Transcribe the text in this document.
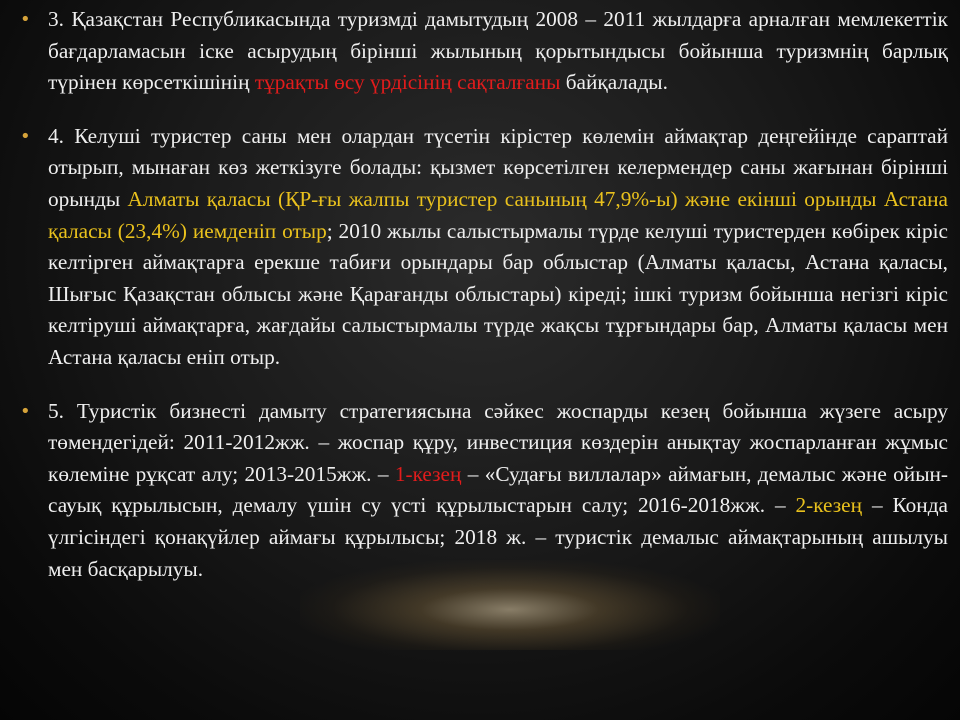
• 3. Қазақстан Республикасында туризмді дамытудың 2008 – 2011 жылдарға арналған мемлекеттік бағдарламасын іске асырудың бірінші жылының қорытындысы бойынша туризмнің барлық түрінен көрсеткішінің тұрақты өсу үрдісінің сақталғаны байқалады.
• 4. Келуші туристер саны мен олардан түсетін кірістер көлемін аймақтар деңгейінде сараптай отырып, мынаған көз жеткізуге болады: қызмет көрсетілген келермендер саны жағынан бірінші орынды Алматы қаласы (ҚР-ғы жалпы туристер санының 47,9%-ы) және екінші орынды Астана қаласы (23,4%) иемденіп отыр; 2010 жылы салыстырмалы түрде келуші туристерден көбірек кіріс келтірген аймақтарға ерекше табиғи орындары бар облыстар (Алматы қаласы, Астана қаласы, Шығыс Қазақстан облысы және Қарағанды облыстары) кіреді; ішкі туризм бойынша негізгі кіріс келтіруші аймақтарға, жағдайы салыстырмалы түрде жақсы тұрғындары бар, Алматы қаласы мен Астана қаласы еніп отыр.
• 5. Туристік бизнесті дамыту стратегиясына сәйкес жоспарды кезең бойынша жүзеге асыру төмендегідей: 2011-2012жж. – жоспар құру, инвестиция көздерін анықтау жоспарланған жұмыс көлеміне рұқсат алу; 2013-2015жж. – 1-кезең – «Судағы виллалар» аймағын, демалыс және ойын-сауық құрылысын, демалу үшін су үсті құрылыстарын салу; 2016-2018жж. – 2-кезең – Конда үлгісіндегі қонақүйлер аймағы құрылысы; 2018 ж. – туристік демалыс аймақтарының ашылуы мен басқарылуы.
